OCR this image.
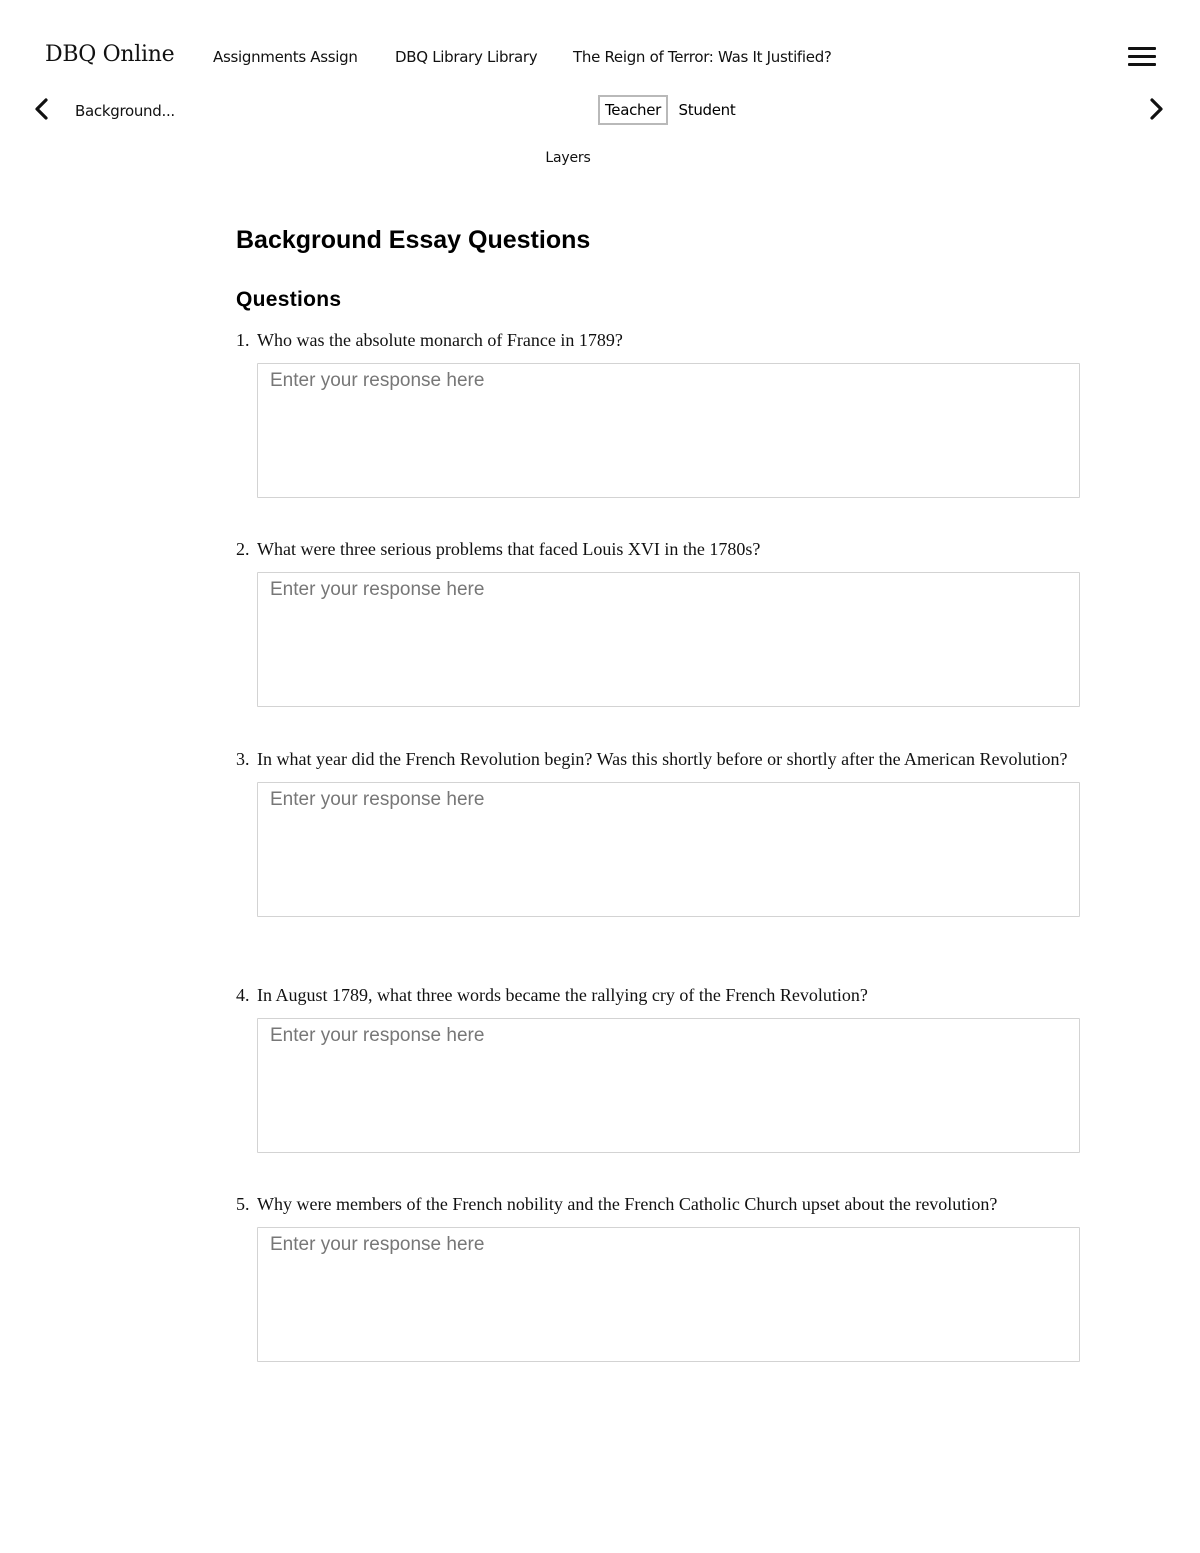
DBQ Online	Assignments Assign DBQ Library Library The Reign of Terror: Was It Justified?
Background...	Teacher	Student
Layers
Background Essay Questions
Questions

1. Who was the absolute monarch of France in 1789?

Enter your response here

2. What were three serious problems that faced Louis XVI in the 1780s?

Enter your response here

3. In what year did the French Revolution begin? Was this shortly before or shortly after the American Revolution?

Enter your response here

4. In August 1789, what three words became the rallying cry of the French Revolution?

Enter your response here

5. Why were members of the French nobility and the French Catholic Church upset about the revolution?

Enter your response here
